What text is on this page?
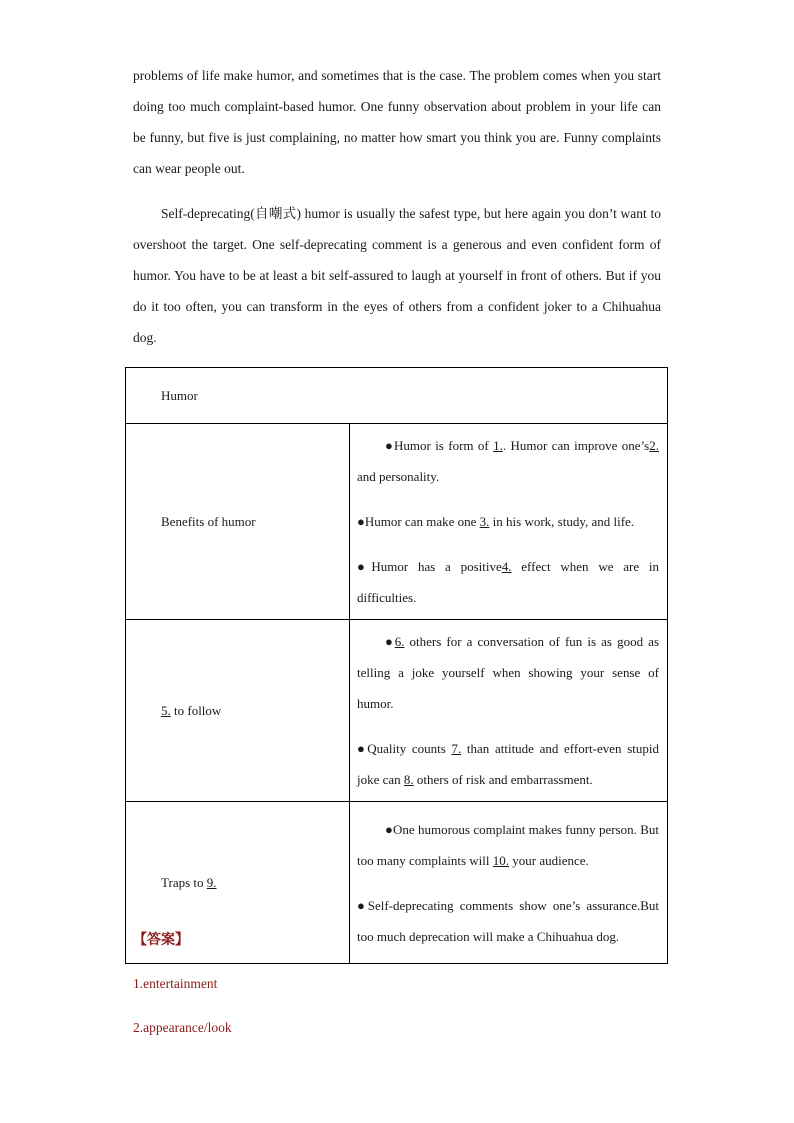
problems of life make humor, and sometimes that is the case. The problem comes when you start doing too much complaint-based humor. One funny observation about problem in your life can be funny, but five is just complaining, no matter how smart you think you are. Funny complaints can wear people out.

Self-deprecating(自嘲式) humor is usually the safest type, but here again you don’t want to overshoot the target. One self-deprecating comment is a generous and even confident form of humor. You have to be at least a bit self-assured to laugh at yourself in front of others. But if you do it too often, you can transform in the eyes of others from a confident joker to a Chihuahua dog.

Humor	
Benefits of humor	●Humor is form of 1.. Humor can improve one’s2. and personality.

●Humor can make one 3. in his work, study, and life.

●Humor has a positive4. effect when we are in difficulties.

5. to follow	●6. others for a conversation of fun is as good as telling a joke yourself when showing your sense of humor.

●Quality counts 7. than attitude and effort-even stupid joke can 8. others of risk and embarrassment.

Traps to 9.	●One humorous complaint makes funny person. But too many complaints will 10. your audience.

●Self-deprecating comments show one’s assurance.But too much deprecation will make a Chihuahua dog.

【答案】
1.entertainment
2.appearance/look
